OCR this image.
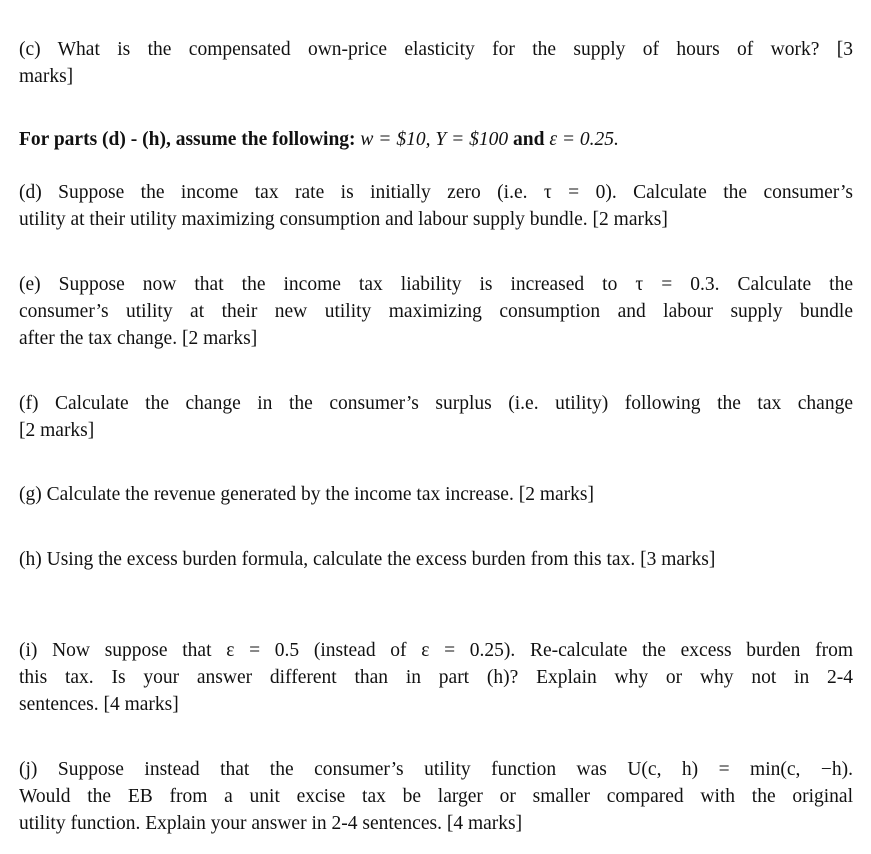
(c) What is the compensated own-price elasticity for the supply of hours of work? [3
marks]
For parts (d) - (h), assume the following: w = $10, Y = $100 and ε = 0.25.
(d) Suppose the income tax rate is initially zero (i.e. τ = 0). Calculate the consumer’s
utility at their utility maximizing consumption and labour supply bundle. [2 marks]
(e) Suppose now that the income tax liability is increased to τ = 0.3. Calculate the
consumer’s utility at their new utility maximizing consumption and labour supply bundle
after the tax change. [2 marks]
(f) Calculate the change in the consumer’s surplus (i.e. utility) following the tax change
[2 marks]
(g) Calculate the revenue generated by the income tax increase. [2 marks]
(h) Using the excess burden formula, calculate the excess burden from this tax. [3 marks]
(i) Now suppose that ε = 0.5 (instead of ε = 0.25). Re-calculate the excess burden from
this tax. Is your answer different than in part (h)? Explain why or why not in 2-4
sentences. [4 marks]
(j) Suppose instead that the consumer’s utility function was U(c, h) = min(c, −h).
Would the EB from a unit excise tax be larger or smaller compared with the original
utility function. Explain your answer in 2-4 sentences. [4 marks]
